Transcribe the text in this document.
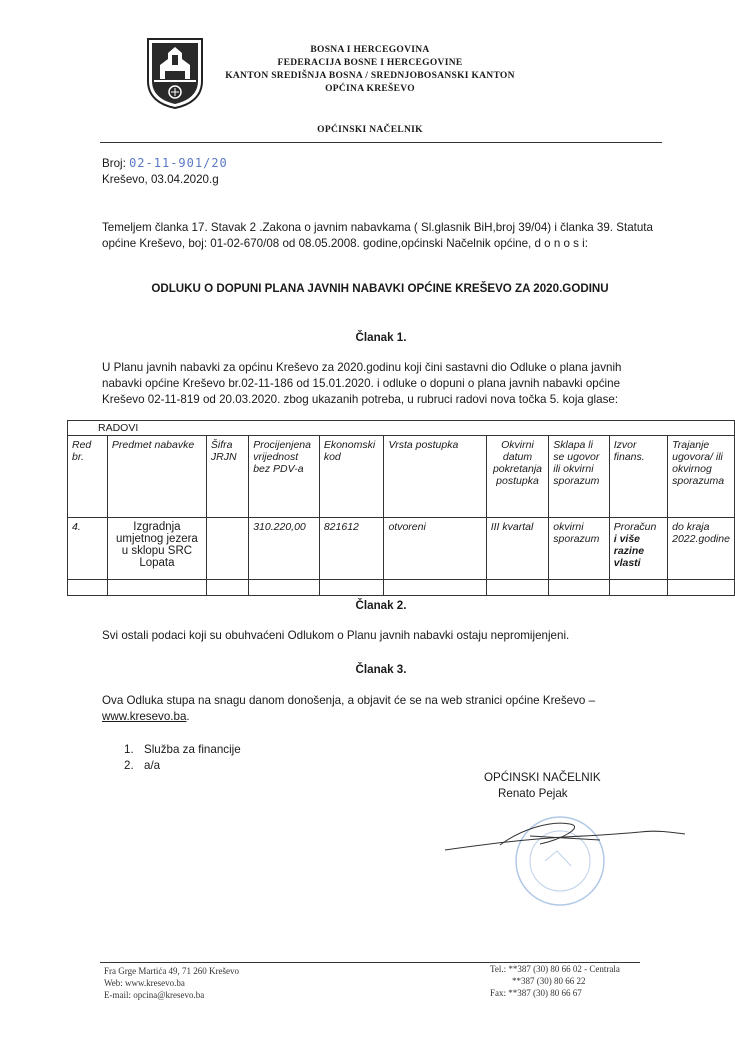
BOSNA I HERCEGOVINA
FEDERACIJA BOSNE I HERCEGOVINE
KANTON SREDIŠNJA BOSNA / SREDNJOBOSANSKI KANTON
OPĆINA KREŠEVO
OPĆINSKI NAČELNIK
Broj: 02-11-901/20
Kreševo, 03.04.2020.g
Temeljem članka 17. Stavak 2 .Zakona o javnim nabavkama ( Sl.glasnik BiH,broj 39/04) i članka 39. Statuta
općine Kreševo, boj: 01-02-670/08 od 08.05.2008. godine,općinski Načelnik općine, d o n o s i:
ODLUKU O DOPUNI PLANA JAVNIH NABAVKI OPĆINE KREŠEVO ZA 2020.GODINU
Članak 1.
U Planu javnih nabavki za općinu Kreševo za 2020.godinu koji čini sastavni dio Odluke o plana javnih
nabavki općine Kreševo br.02-11-186 od 15.01.2020. i odluke o dopuni o plana javnih nabavki općine
Kreševo 02-11-819 od 20.03.2020. zbog ukazanih potreba, u rubruci radovi nova točka 5. koja glase:
RADOVI									
Red br.	Predmet nabavke	Šifra JRJN	Procijenjena vrijednost bez PDV-a	Ekonomski kod	Vrsta postupka	Okvirni datum pokretanja postupka	Sklapa li se ugovor ili okvirni sporazum	Izvor finans.	Trajanje ugovora/ ili okvirnog sporazuma
4.	Izgradnja umjetnog jezera u sklopu SRC Lopata		310.220,00	821612	otvoreni	III kvartal	okvirni sporazum	Proračun
i više razine vlasti	do kraja 2022.godine

Članak 2.
Svi ostali podaci koji su obuhvaćeni Odlukom o Planu javnih nabavki ostaju nepromijenjeni.
Članak 3.
Ova Odluka stupa na snagu danom donošenja, a objavit će se na web stranici općine Kreševo –
www.kresevo.ba.
1. Služba za financije
2. a/a
OPĆINSKI NAČELNIK
Renato Pejak
Fra Grge Martića 49, 71 260 Kreševo
Web: www.kresevo.ba
E-mail: opcina@kresevo.ba
Tel.: **387 (30) 80 66 02 - Centrala
**387 (30) 80 66 22
Fax: **387 (30) 80 66 67
